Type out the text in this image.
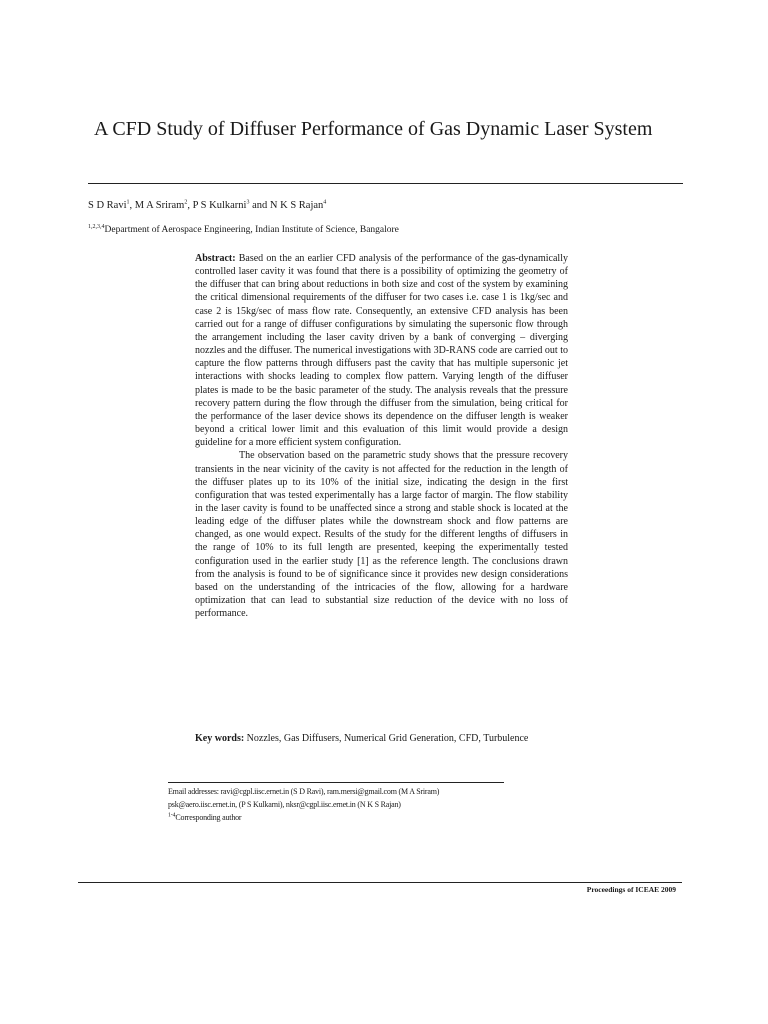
A CFD Study of Diffuser Performance of Gas Dynamic Laser System
S D Ravi$^1$, M A Sriram$^2$, P S Kulkarni$^3$ and N K S Rajan$^4$
$^{1,2,3,4}$Department of Aerospace Engineering, Indian Institute of Science, Bangalore

Abstract: Based on the an earlier CFD analysis of the performance of the gas-dynamically controlled laser cavity it was found that there is a possibility of optimizing the geometry of the diffuser that can bring about reductions in both size and cost of the system by examining the critical dimensional requirements of the diffuser for two cases i.e. case 1 is 1kg/sec and case 2 is 15kg/sec of mass flow rate. Consequently, an extensive CFD analysis has been carried out for a range of diffuser configurations by simulating the supersonic flow through the arrangement including the laser cavity driven by a bank of converging – diverging nozzles and the diffuser. The numerical investigations with 3D-RANS code are carried out to capture the flow patterns through diffusers past the cavity that has multiple supersonic jet interactions with shocks leading to complex flow pattern. Varying length of the diffuser plates is made to be the basic parameter of the study. The analysis reveals that the pressure recovery pattern during the flow through the diffuser from the simulation, being critical for the performance of the laser device shows its dependence on the diffuser length is weaker beyond a critical lower limit and this evaluation of this limit would provide a design guideline for a more efficient system configuration.

The observation based on the parametric study shows that the pressure recovery transients in the near vicinity of the cavity is not affected for the reduction in the length of the diffuser plates up to its 10% of the initial size, indicating the design in the first configuration that was tested experimentally has a large factor of margin. The flow stability in the laser cavity is found to be unaffected since a strong and stable shock is located at the leading edge of the diffuser plates while the downstream shock and flow patterns are changed, as one would expect. Results of the study for the different lengths of diffusers in the range of 10% to its full length are presented, keeping the experimentally tested configuration used in the earlier study [1] as the reference length. The conclusions drawn from the analysis is found to be of significance since it provides new design considerations based on the understanding of the intricacies of the flow, allowing for a hardware optimization that can lead to substantial size reduction of the device with no loss of performance.

Key words: Nozzles, Gas Diffusers, Numerical Grid Generation, CFD, Turbulence
Email addresses: ravi@cgpl.iisc.ernet.in (S D Ravi), ram.mersi@gmail.com (M A Sriram)
psk@aero.iisc.ernet.in, (P S Kulkarni), nksr@cgpl.iisc.ernet.in (N K S Rajan)
$^{1-4}$Corresponding author
Proceedings of ICEAE 2009
